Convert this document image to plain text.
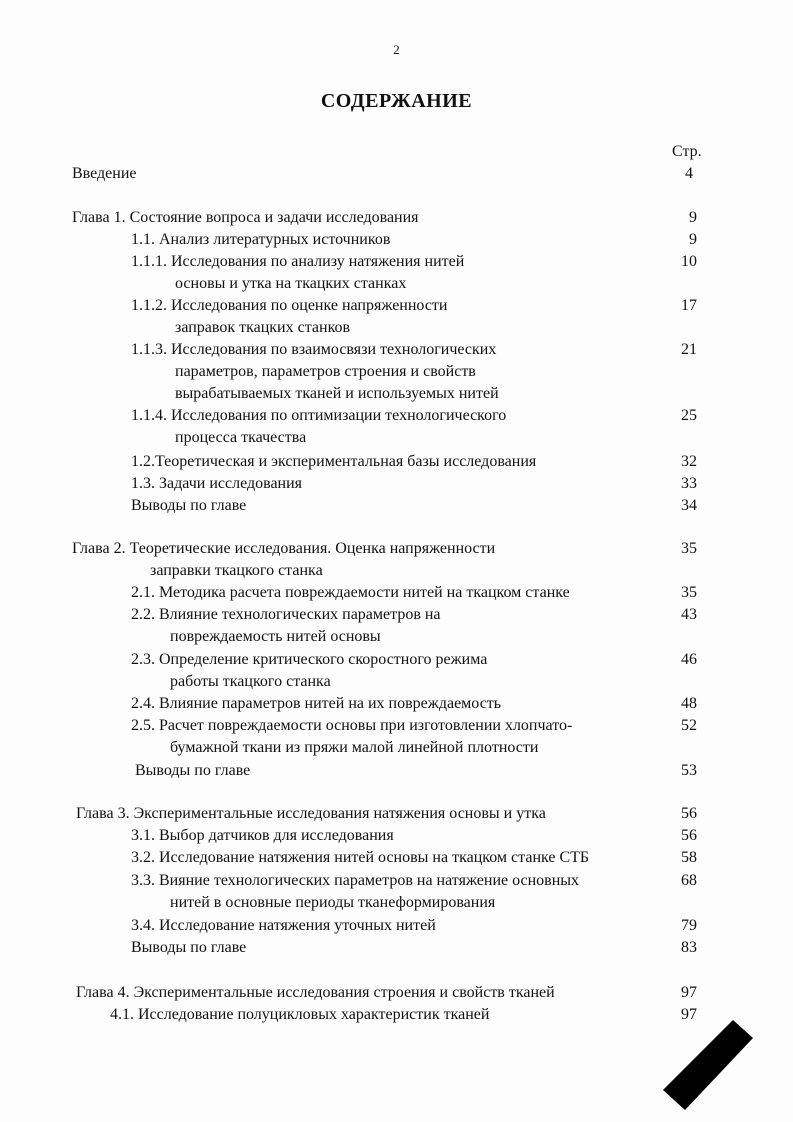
2
СОДЕРЖАНИЕ
Стр.
Введение	4
Глава 1. Состояние вопроса и задачи исследования	9
1.1. Анализ литературных источников	9
1.1.1. Исследования по анализу натяжения нитей	10
основы и утка на ткацких станках
1.1.2. Исследования по оценке напряженности	17
заправок ткацких станков
1.1.3. Исследования по взаимосвязи технологических	21
параметров, параметров строения и свойств
вырабатываемых тканей и используемых нитей
1.1.4. Исследования по оптимизации технологического	25
процесса ткачества
1.2.Теоретическая и экспериментальная базы исследования	32
1.3. Задачи исследования	33
Выводы по главе	34
Глава 2. Теоретические исследования. Оценка напряженности	35
заправки ткацкого станка
2.1. Методика расчета повреждаемости нитей на ткацком станке	35
2.2. Влияние технологических параметров на	43
повреждаемость нитей основы
2.3. Определение критического скоростного режима	46
работы ткацкого станка
2.4. Влияние параметров нитей на их повреждаемость	48
2.5. Расчет повреждаемости основы при изготовлении хлопчато-	52
бумажной ткани из пряжи малой линейной плотности
Выводы по главе	53
Глава 3. Экспериментальные исследования натяжения основы и утка	56
3.1. Выбор датчиков для исследования	56
3.2. Исследование натяжения нитей основы на ткацком станке СТБ	58
3.3. Вияние технологических параметров на натяжение основных	68
нитей в основные периоды тканеформирования
3.4. Исследование натяжения уточных нитей	79
Выводы по главе	83
Глава 4. Экспериментальные исследования строения и свойств тканей	97
4.1. Исследование полуцикловых характеристик тканей	97
